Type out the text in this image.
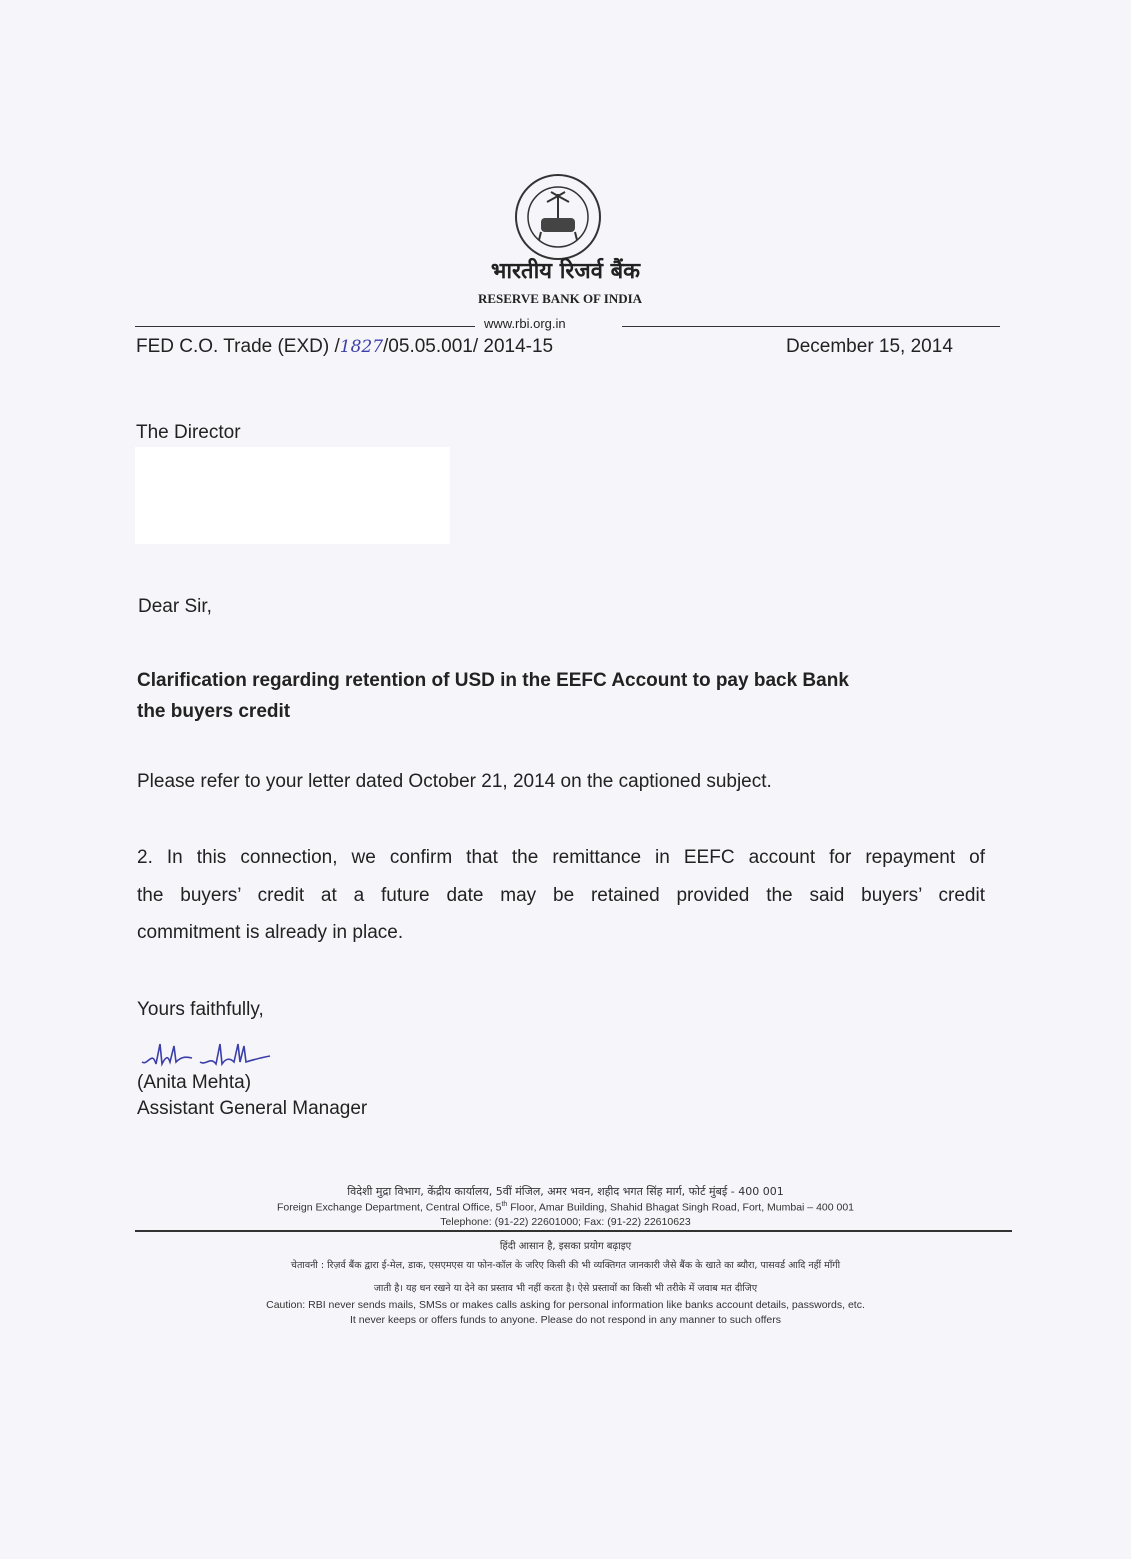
भारतीय रिजर्व बैंक
RESERVE BANK OF INDIA
www.rbi.org.in
FED C.O. Trade (EXD) /1827/05.05.001/ 2014-15	December 15, 2014
The Director
Dear Sir,
Clarification regarding retention of USD in the EEFC Account to pay back Bank
the buyers credit
Please refer to your letter dated October 21, 2014 on the captioned subject.
2. In this connection, we confirm that the remittance in EEFC account for repayment of
the buyers’ credit at a future date may be retained provided the said buyers’ credit
commitment is already in place.
Yours faithfully,
(Anita Mehta)
Assistant General Manager
विदेशी मुद्रा विभाग, केंद्रीय कार्यालय, 5वीं मंजिल, अमर भवन, शहीद भगत सिंह मार्ग, फोर्ट मुंबई - 400 001
Foreign Exchange Department, Central Office, 5th Floor, Amar Building, Shahid Bhagat Singh Road, Fort, Mumbai – 400 001
Telephone: (91-22) 22601000; Fax: (91-22) 22610623
हिंदी आसान है, इसका प्रयोग बढ़ाइए
चेतावनी : रिज़र्व बैंक द्वारा ई-मेल, डाक, एसएमएस या फोन-कॉल के जरिए किसी की भी व्यक्तिगत जानकारी जैसे बैंक के खाते का ब्यौरा, पासवर्ड आदि नहीं माँगी
जाती है। यह धन रखने या देने का प्रस्ताव भी नहीं करता है। ऐसे प्रस्तावों का किसी भी तरीके में जवाब मत दीजिए
Caution: RBI never sends mails, SMSs or makes calls asking for personal information like banks account details, passwords, etc.
It never keeps or offers funds to anyone. Please do not respond in any manner to such offers
